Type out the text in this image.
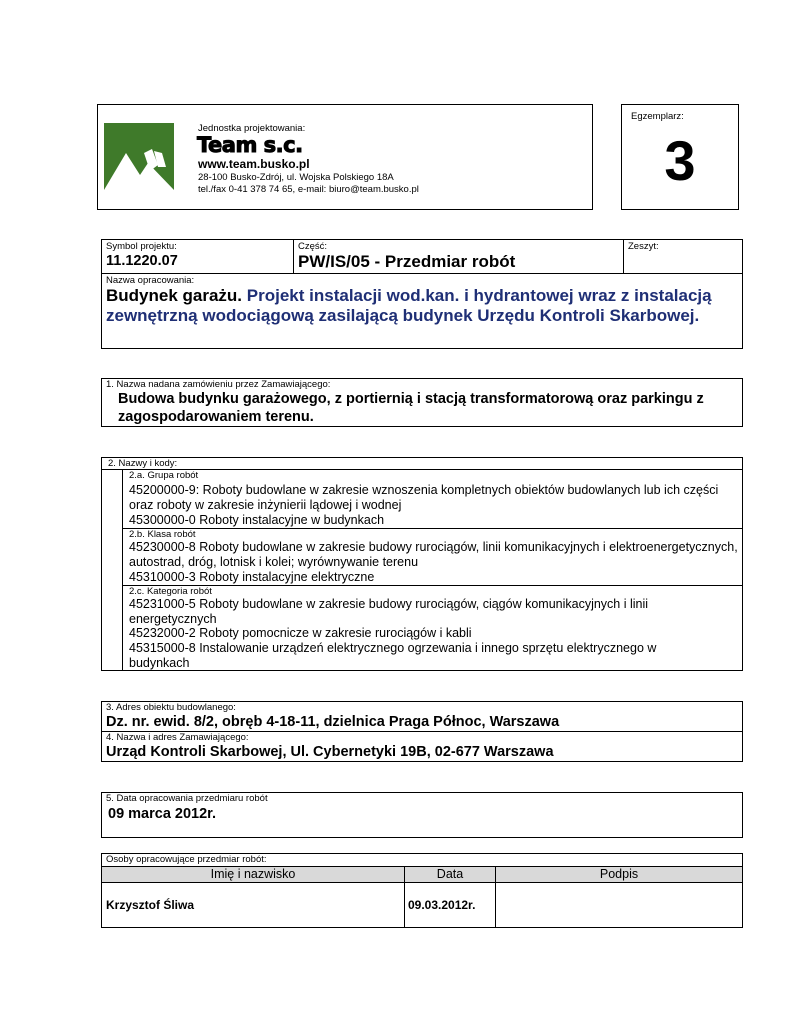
Jednostka projektowania:
Team s.c.
www.team.busko.pl
28-100 Busko-Zdrój, ul. Wojska Polskiego 18A
tel./fax 0-41 378 74 65, e-mail: biuro@team.busko.pl
Egzemplarz:
3
Symbol projektu:
11.1220.07
Część:
PW/IS/05 - Przedmiar robót
Zeszyt:
Nazwa opracowania:
Budynek garażu. Projekt instalacji wod.kan. i hydrantowej wraz z instalacją zewnętrzną wodociągową zasilającą budynek Urzędu Kontroli Skarbowej.
1. Nazwa nadana zamówieniu przez Zamawiającego:
Budowa budynku garażowego, z portiernią i stacją transformatorową oraz parkingu z zagospodarowaniem terenu.
2. Nazwy i kody:
2.a. Grupa robót
45200000-9: Roboty budowlane w zakresie wznoszenia kompletnych obiektów budowlanych lub ich części oraz roboty w zakresie inżynierii lądowej i wodnej
45300000-0 Roboty instalacyjne w budynkach
2.b. Klasa robót
45230000-8 Roboty budowlane w zakresie budowy rurociągów, linii komunikacyjnych i elektroenergetycznych, autostrad, dróg, lotnisk i kolei; wyrównywanie terenu
45310000-3 Roboty instalacyjne elektryczne
2.c. Kategoria robót
45231000-5 Roboty budowlane w zakresie budowy rurociągów, ciągów komunikacyjnych i linii energetycznych
45232000-2 Roboty pomocnicze w zakresie rurociągów i kabli
45315000-8 Instalowanie urządzeń elektrycznego ogrzewania i innego sprzętu elektrycznego w budynkach
3. Adres obiektu budowlanego:
Dz. nr. ewid. 8/2, obręb 4-18-11, dzielnica Praga Północ, Warszawa
4. Nazwa i adres Zamawiającego:
Urząd Kontroli Skarbowej, Ul. Cybernetyki 19B, 02-677 Warszawa
5. Data opracowania przedmiaru robót
09 marca 2012r.
Osoby opracowujące przedmiar robót:
Imię i nazwisko	Data	Podpis
Krzysztof Śliwa	09.03.2012r.
